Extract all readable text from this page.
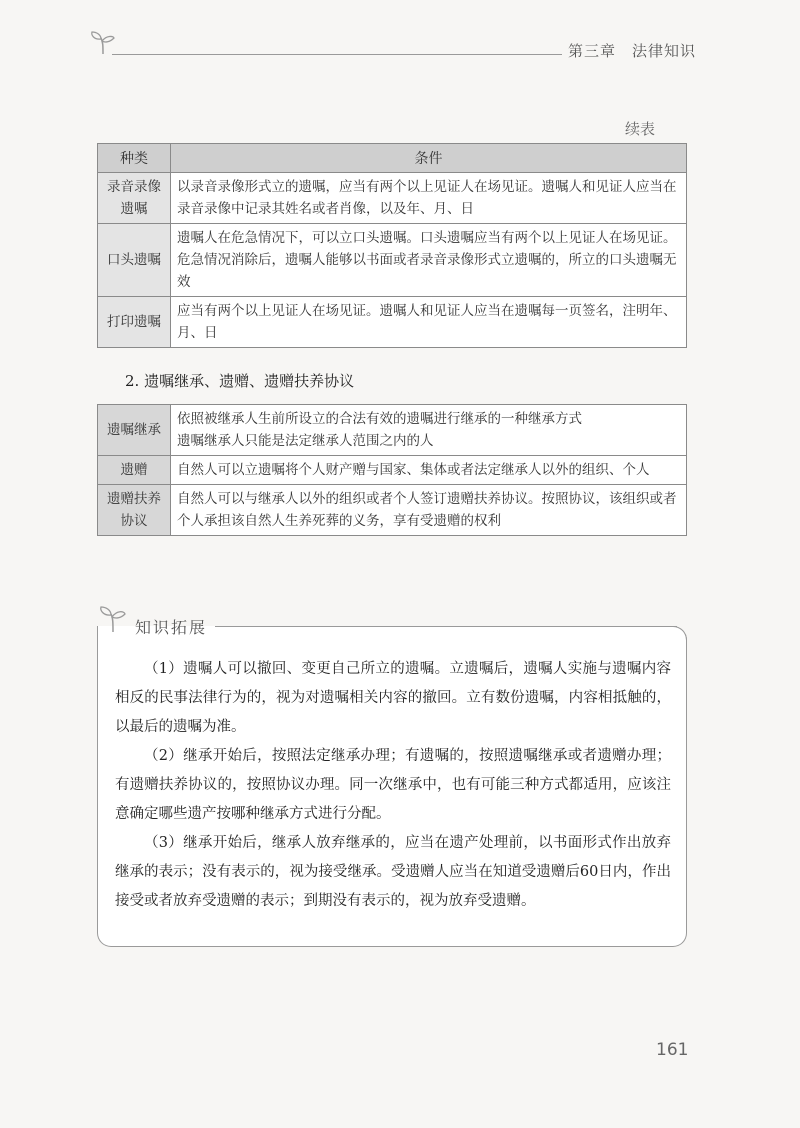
第三章　法律知识
续表
种类	条件
录音录像
遗嘱	以录音录像形式立的遗嘱，应当有两个以上见证人在场见证。遗嘱人和见证人应当在录音录像中记录其姓名或者肖像，以及年、月、日
口头遗嘱	遗嘱人在危急情况下，可以立口头遗嘱。口头遗嘱应当有两个以上见证人在场见证。危急情况消除后，遗嘱人能够以书面或者录音录像形式立遗嘱的，所立的口头遗嘱无效
打印遗嘱	应当有两个以上见证人在场见证。遗嘱人和见证人应当在遗嘱每一页签名，注明年、月、日
2. 遗嘱继承、遗赠、遗赠扶养协议
遗嘱继承	依照被继承人生前所设立的合法有效的遗嘱进行继承的一种继承方式
遗嘱继承人只能是法定继承人范围之内的人
遗赠	自然人可以立遗嘱将个人财产赠与国家、集体或者法定继承人以外的组织、个人
遗赠扶养
协议	自然人可以与继承人以外的组织或者个人签订遗赠扶养协议。按照协议，该组织或者个人承担该自然人生养死葬的义务，享有受遗赠的权利
知识拓展

（1）遗嘱人可以撤回、变更自己所立的遗嘱。立遗嘱后，遗嘱人实施与遗嘱内容相反的民事法律行为的，视为对遗嘱相关内容的撤回。立有数份遗嘱，内容相抵触的，以最后的遗嘱为准。

（2）继承开始后，按照法定继承办理；有遗嘱的，按照遗嘱继承或者遗赠办理；有遗赠扶养协议的，按照协议办理。同一次继承中，也有可能三种方式都适用，应该注意确定哪些遗产按哪种继承方式进行分配。

（3）继承开始后，继承人放弃继承的，应当在遗产处理前，以书面形式作出放弃继承的表示；没有表示的，视为接受继承。受遗赠人应当在知道受遗赠后60日内，作出接受或者放弃受遗赠的表示；到期没有表示的，视为放弃受遗赠。

161
